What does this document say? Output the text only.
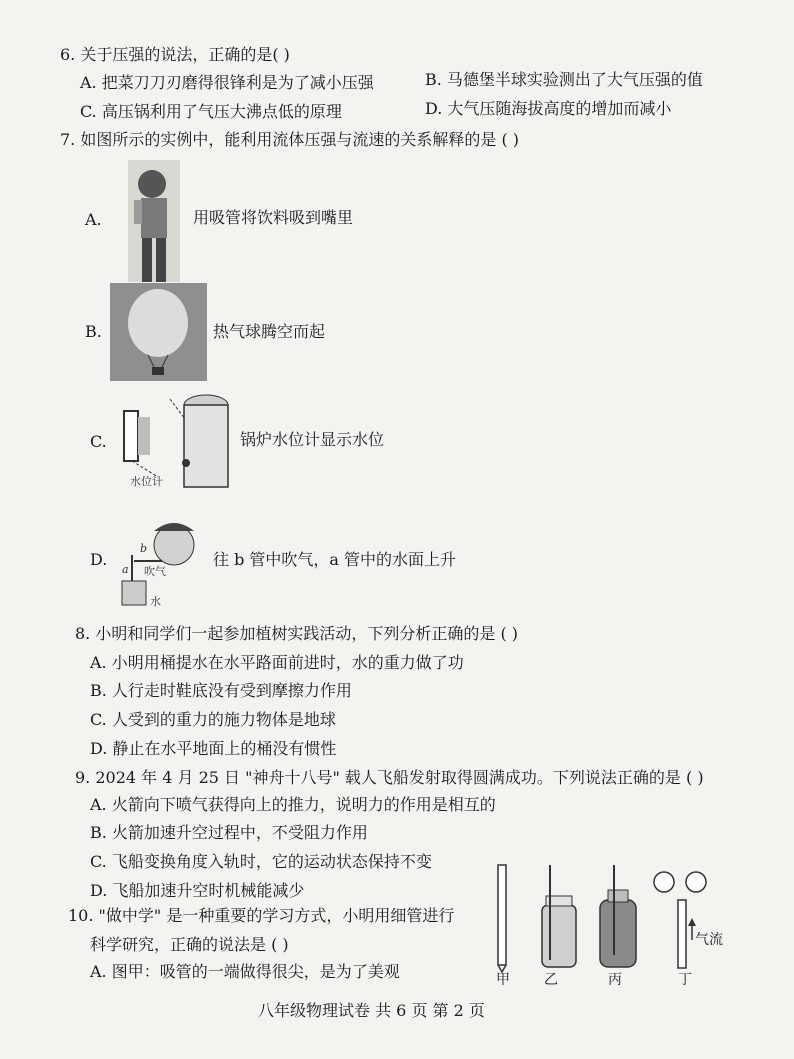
6. 关于压强的说法，正确的是( )
A. 把菜刀刀刃磨得很锋利是为了减小压强	B. 马德堡半球实验测出了大气压强的值
C. 高压锅利用了气压大沸点低的原理	D. 大气压随海拔高度的增加而减小
7. 如图所示的实例中，能利用流体压强与流速的关系解释的是 ( )
A.	用吸管将饮料吸到嘴里
B.	热气球腾空而起
C.
水位计
锅炉水位计显示水位
D.
b
a 吹气
水
往 b 管中吹气，a 管中的水面上升
8. 小明和同学们一起参加植树实践活动，下列分析正确的是 ( )
A. 小明用桶提水在水平路面前进时，水的重力做了功
B. 人行走时鞋底没有受到摩擦力作用
C. 人受到的重力的施力物体是地球
D. 静止在水平地面上的桶没有惯性
9. 2024 年 4 月 25 日 "神舟十八号" 载人飞船发射取得圆满成功。下列说法正确的是 ( )
A. 火箭向下喷气获得向上的推力，说明力的作用是相互的
B. 火箭加速升空过程中，不受阻力作用
C. 飞船变换角度入轨时，它的运动状态保持不变
D. 飞船加速升空时机械能减少
10. "做中学" 是一种重要的学习方式，小明用细管进行
科学研究，正确的说法是 ( )
A. 图甲：吸管的一端做得很尖，是为了美观
气流
甲 乙	丙	丁
八年级物理试卷 共 6 页 第 2 页
